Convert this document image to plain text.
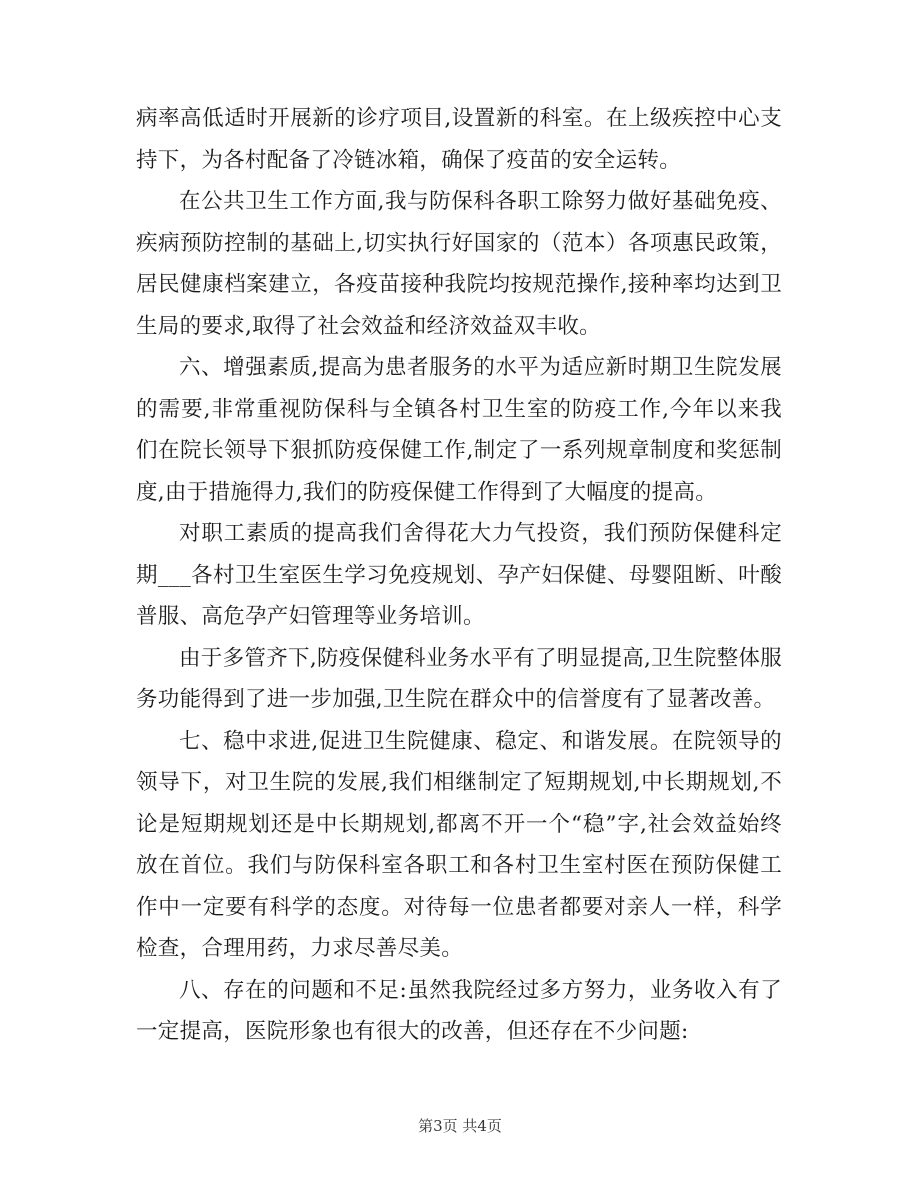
病率高低适时开展新的诊疗项目,设置新的科室。在上级疾控中心支持下，为各村配备了冷链冰箱，确保了疫苗的安全运转。

在公共卫生工作方面,我与防保科各职工除努力做好基础免疫、疾病预防控制的基础上,切实执行好国家的（范本）各项惠民政策，居民健康档案建立，各疫苗接种我院均按规范操作,接种率均达到卫生局的要求,取得了社会效益和经济效益双丰收。

六、增强素质,提高为患者服务的水平为适应新时期卫生院发展的需要,非常重视防保科与全镇各村卫生室的防疫工作,今年以来我们在院长领导下狠抓防疫保健工作,制定了一系列规章制度和奖惩制度,由于措施得力,我们的防疫保健工作得到了大幅度的提高。

对职工素质的提高我们舍得花大力气投资，我们预防保健科定期___各村卫生室医生学习免疫规划、孕产妇保健、母婴阻断、叶酸普服、高危孕产妇管理等业务培训。

由于多管齐下,防疫保健科业务水平有了明显提高,卫生院整体服务功能得到了进一步加强,卫生院在群众中的信誉度有了显著改善。

七、稳中求进,促进卫生院健康、稳定、和谐发展。在院领导的领导下，对卫生院的发展,我们相继制定了短期规划,中长期规划,不论是短期规划还是中长期规划,都离不开一个“稳”字,社会效益始终放在首位。我们与防保科室各职工和各村卫生室村医在预防保健工作中一定要有科学的态度。对待每一位患者都要对亲人一样，科学检查，合理用药，力求尽善尽美。

八、存在的问题和不足:虽然我院经过多方努力，业务收入有了一定提高，医院形象也有很大的改善，但还存在不少问题:

第3页 共4页
